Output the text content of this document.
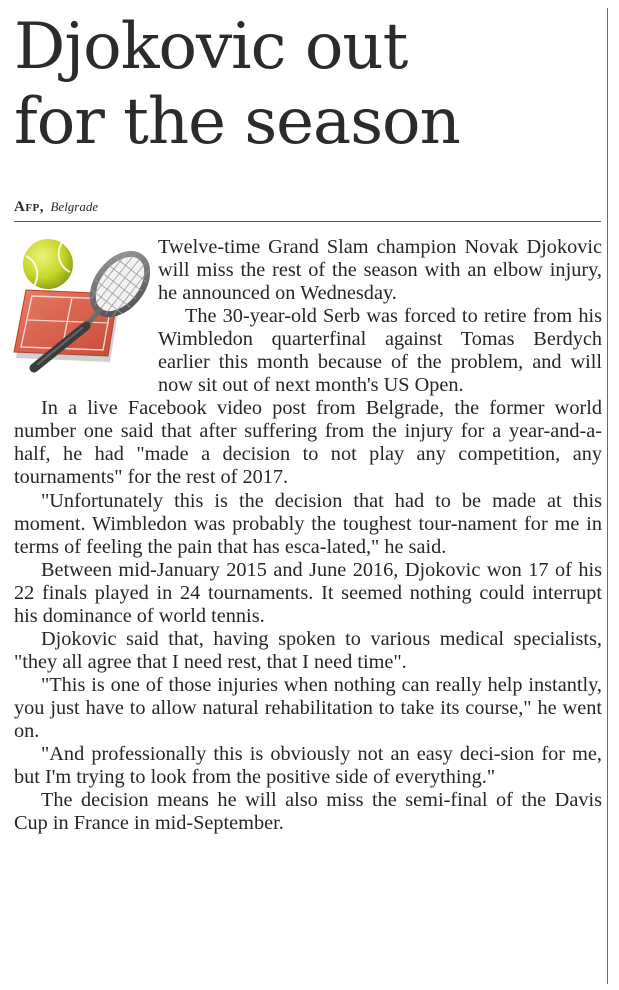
Djokovic out
for the season
Afp, Belgrade

Twelve-time Grand Slam champion Novak Djokovic will miss the rest of the season with an elbow injury, he announced on Wednesday.

The 30-year-old Serb was forced to retire from his Wimbledon quarterfinal against Tomas Berdych earlier this month because of the problem, and will now sit out of next month's US Open.

In a live Facebook video post from Belgrade, the former world number one said that after suffering from the injury for a year-and-a-half, he had "made a decision to not play any competition, any tournaments" for the rest of 2017.

"Unfortunately this is the decision that had to be made at this moment. Wimbledon was probably the toughest tour-nament for me in terms of feeling the pain that has esca-lated," he said.

Between mid-January 2015 and June 2016, Djokovic won 17 of his 22 finals played in 24 tournaments. It seemed nothing could interrupt his dominance of world tennis.

Djokovic said that, having spoken to various medical specialists, "they all agree that I need rest, that I need time".

"This is one of those injuries when nothing can really help instantly, you just have to allow natural rehabilitation to take its course," he went on.

"And professionally this is obviously not an easy deci-sion for me, but I'm trying to look from the positive side of everything."

The decision means he will also miss the semi-final of the Davis Cup in France in mid-September.
